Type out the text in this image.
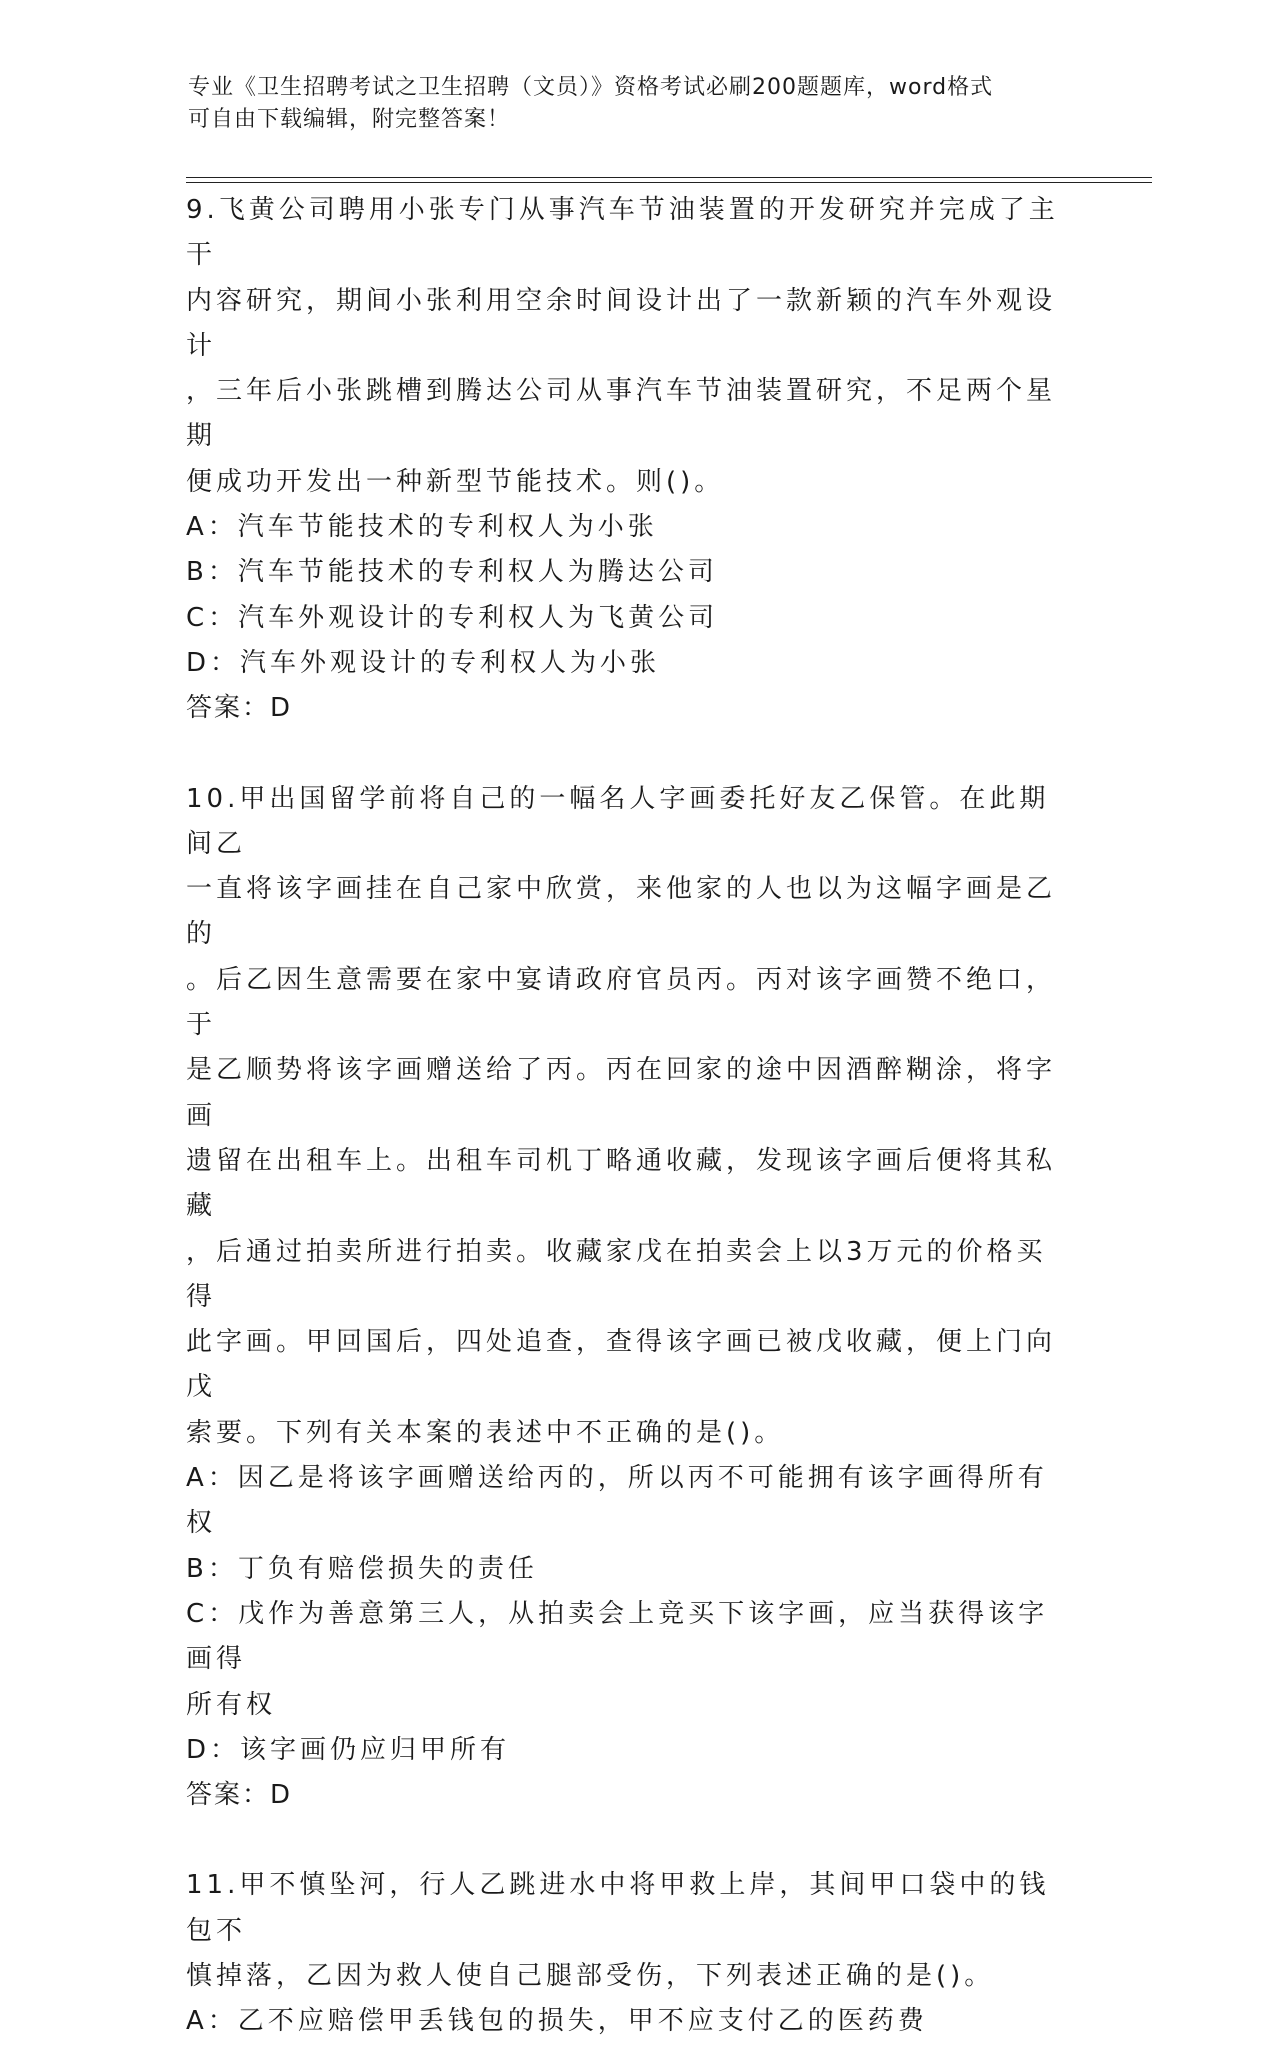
专业《卫生招聘考试之卫生招聘（文员）》资格考试必刷200题题库，word格式
可自由下载编辑，附完整答案！

9.飞黄公司聘用小张专门从事汽车节油装置的开发研究并完成了主干

内容研究，期间小张利用空余时间设计出了一款新颖的汽车外观设计

，三年后小张跳槽到腾达公司从事汽车节油装置研究，不足两个星期

便成功开发出一种新型节能技术。则()。

A：汽车节能技术的专利权人为小张

B：汽车节能技术的专利权人为腾达公司

C：汽车外观设计的专利权人为飞黄公司

D：汽车外观设计的专利权人为小张

答案：D

10.甲出国留学前将自己的一幅名人字画委托好友乙保管。在此期间乙

一直将该字画挂在自己家中欣赏，来他家的人也以为这幅字画是乙的

。后乙因生意需要在家中宴请政府官员丙。丙对该字画赞不绝口，于

是乙顺势将该字画赠送给了丙。丙在回家的途中因酒醉糊涂，将字画

遗留在出租车上。出租车司机丁略通收藏，发现该字画后便将其私藏

，后通过拍卖所进行拍卖。收藏家戊在拍卖会上以3万元的价格买得

此字画。甲回国后，四处追查，查得该字画已被戊收藏，便上门向戊

索要。下列有关本案的表述中不正确的是()。

A：因乙是将该字画赠送给丙的，所以丙不可能拥有该字画得所有权

B：丁负有赔偿损失的责任

C：戊作为善意第三人，从拍卖会上竞买下该字画，应当获得该字画得

所有权

D：该字画仍应归甲所有

答案：D

11.甲不慎坠河，行人乙跳进水中将甲救上岸，其间甲口袋中的钱包不

慎掉落，乙因为救人使自己腿部受伤，下列表述正确的是()。

A：乙不应赔偿甲丢钱包的损失，甲不应支付乙的医药费
